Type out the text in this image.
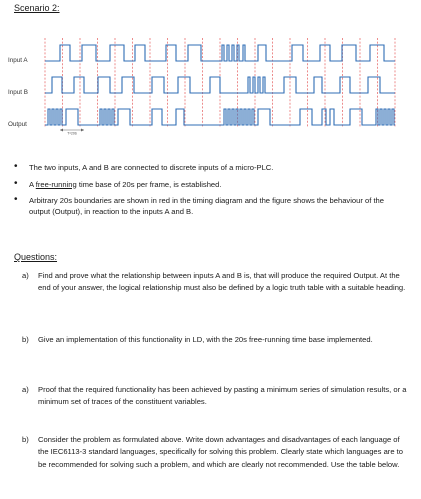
Scenario 2:
Input A
Input B
Output
T=20S
• The two inputs, A and B are connected to discrete inputs of a micro-PLC.
• A free-running time base of 20s per frame, is established.
• Arbitrary 20s boundaries are shown in red in the timing diagram and the figure shows the behaviour of the output (Output), in reaction to the inputs A and B.
Questions:
a) Find and prove what the relationship between inputs A and B is, that will produce the required Output. At the end of your answer, the logical relationship must also be defined by a logic truth table with a suitable heading.
b) Give an implementation of this functionality in LD, with the 20s free-running time base implemented.
a) Proof that the required functionality has been achieved by pasting a minimum series of simulation results, or a minimum set of traces of the constituent variables.
b) Consider the problem as formulated above. Write down advantages and disadvantages of each language of the IEC6113-3 standard languages, specifically for solving this problem. Clearly state which languages are to be recommended for solving such a problem, and which are clearly not recommended. Use the table below.
